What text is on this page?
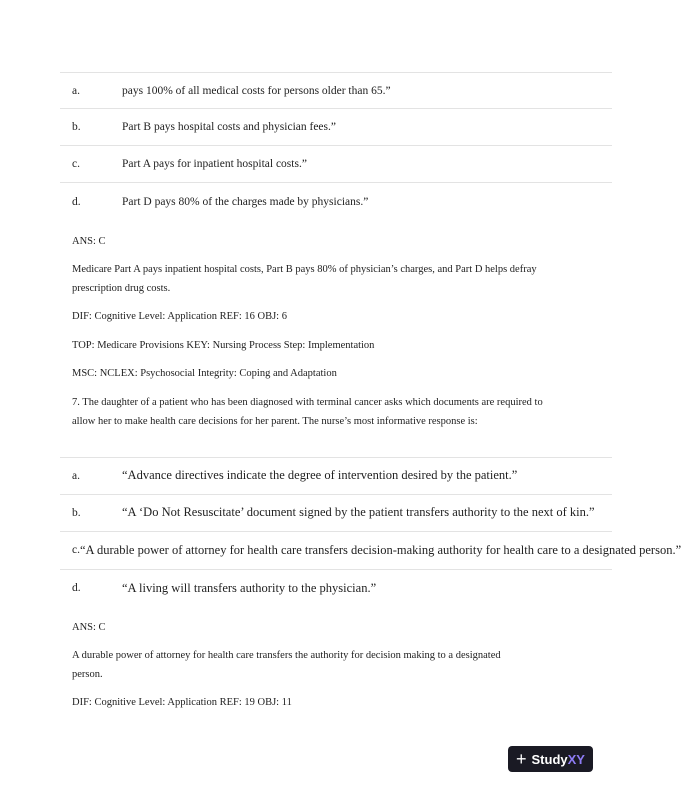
a.	pays 100% of all medical costs for persons older than 65.”
b.	Part B pays hospital costs and physician fees.”
c.	Part A pays for inpatient hospital costs.”
d.	Part D pays 80% of the charges made by physicians.”

ANS: C

Medicare Part A pays inpatient hospital costs, Part B pays 80% of physician’s charges, and Part D helps defray prescription drug costs.

DIF: Cognitive Level: Application REF: 16 OBJ: 6

TOP: Medicare Provisions KEY: Nursing Process Step: Implementation

MSC: NCLEX: Psychosocial Integrity: Coping and Adaptation

7. The daughter of a patient who has been diagnosed with terminal cancer asks which documents are required to allow her to make health care decisions for her parent. The nurse’s most informative response is:

a.	“Advance directives indicate the degree of intervention desired by the patient.”
b.	“A ‘Do Not Resuscitate’ document signed by the patient transfers authority to the next of kin.”
c. “A durable power of attorney for health care transfers decision-making authority for health care to a designated person.”
d.	“A living will transfers authority to the physician.”

ANS: C

A durable power of attorney for health care transfers the authority for decision making to a designated person.

DIF: Cognitive Level: Application REF: 19 OBJ: 11

+ StudyXY
